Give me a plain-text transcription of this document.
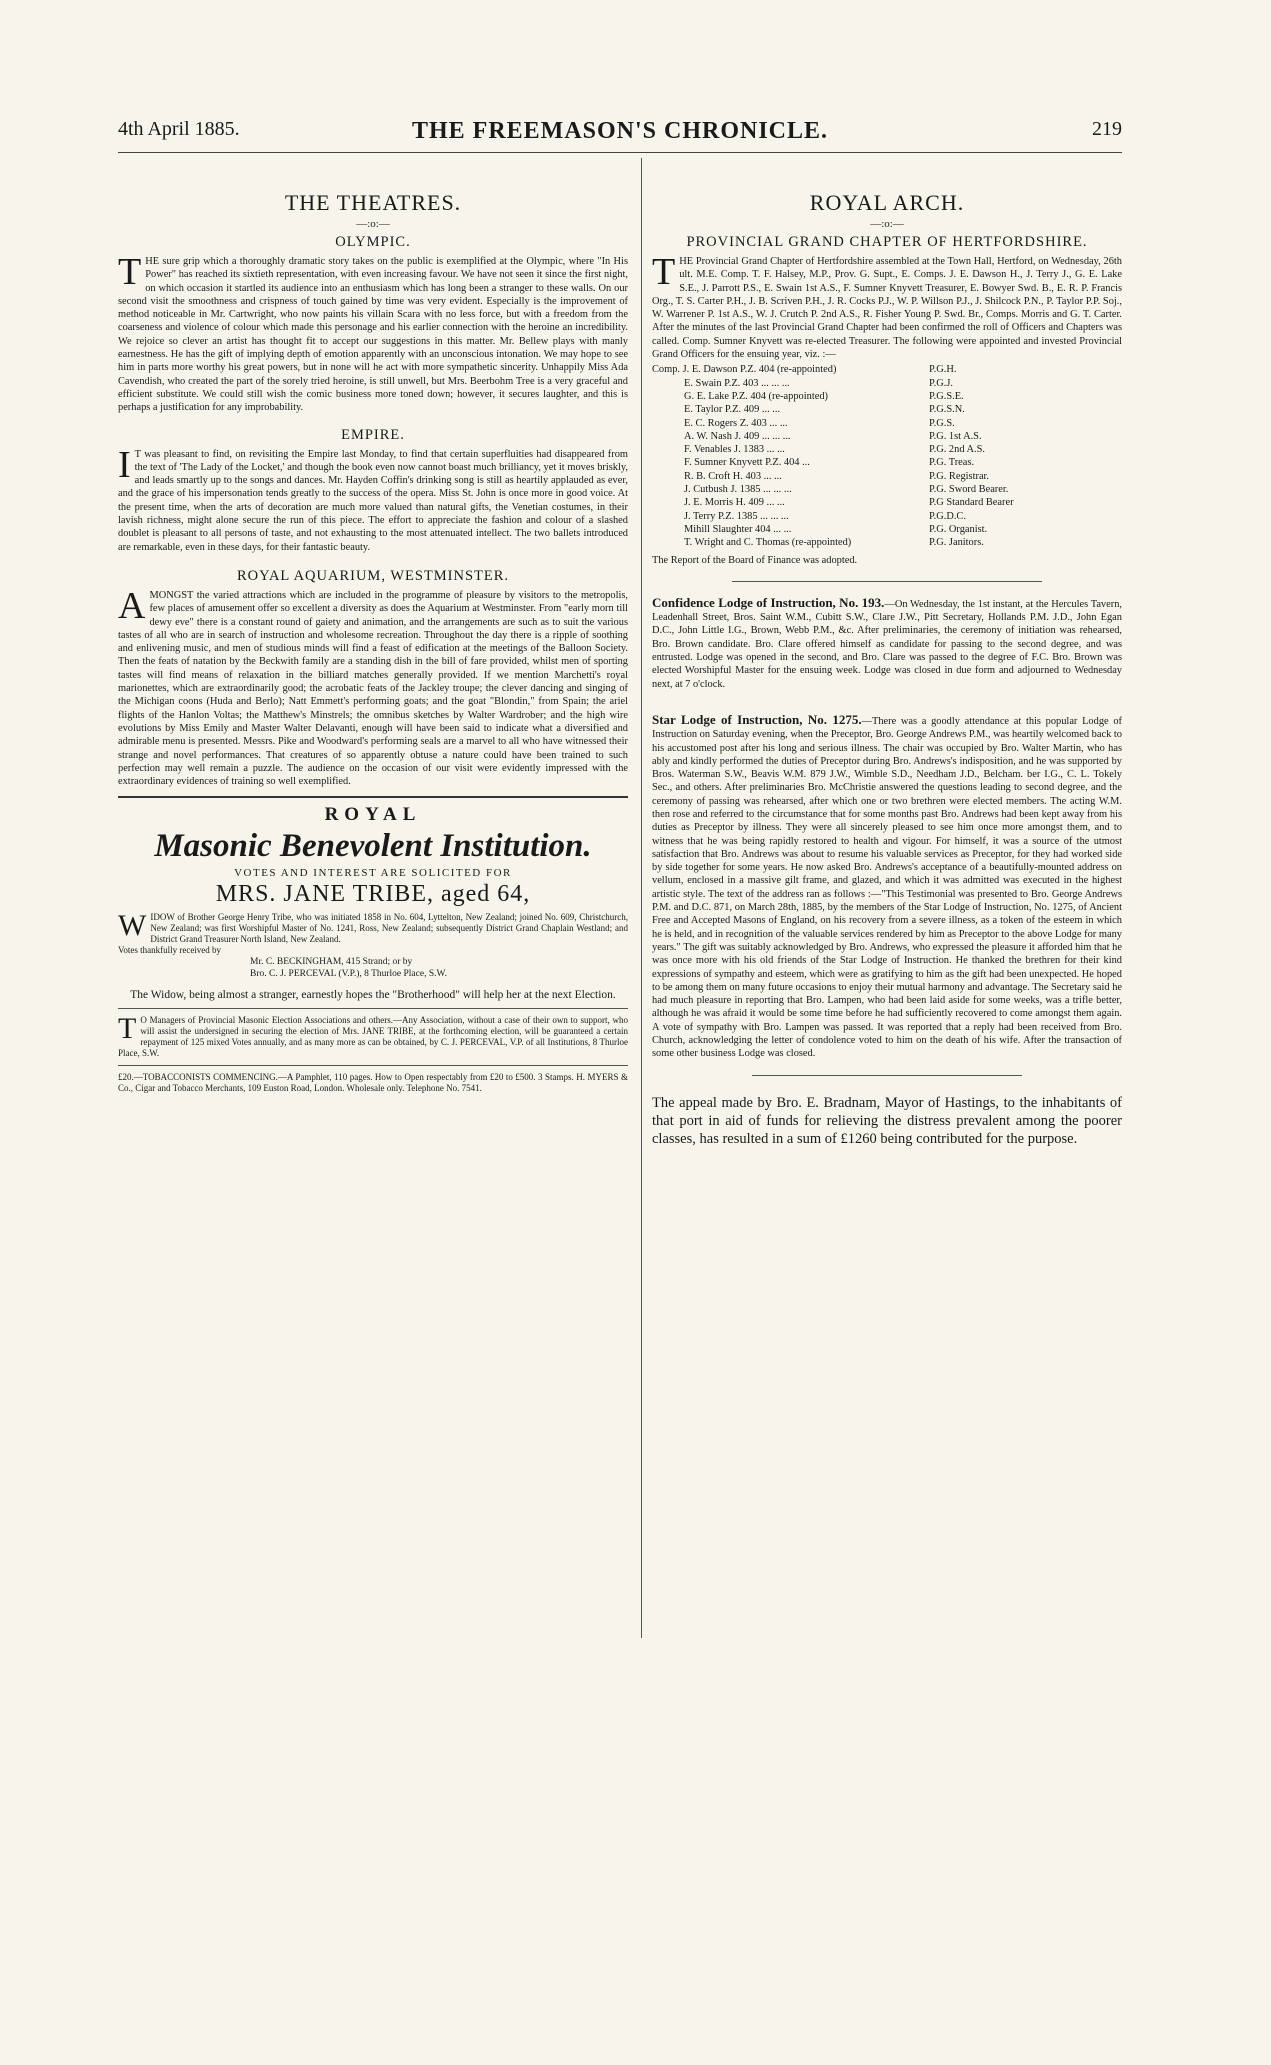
4th April 1885.	THE FREEMASON'S CHRONICLE.	219
THE THEATRES.
—:o:—
OLYMPIC.

THE sure grip which a thoroughly dramatic story takes on the public is exemplified at the Olympic, where "In His Power" has reached its sixtieth representation, with even increasing favour. We have not seen it since the first night, on which occasion it startled its audience into an enthusiasm which has long been a stranger to these walls. On our second visit the smoothness and crispness of touch gained by time was very evident. Especially is the improvement of method noticeable in Mr. Cartwright, who now paints his villain Scara with no less force, but with a freedom from the coarseness and violence of colour which made this personage and his earlier connection with the heroine an incredibility. We rejoice so clever an artist has thought fit to accept our suggestions in this matter. Mr. Bellew plays with manly earnestness. He has the gift of implying depth of emotion apparently with an unconscious intonation. We may hope to see him in parts more worthy his great powers, but in none will he act with more sympathetic sincerity. Unhappily Miss Ada Cavendish, who created the part of the sorely tried heroine, is still unwell, but Mrs. Beerbohm Tree is a very graceful and efficient substitute. We could still wish the comic business more toned down; however, it secures laughter, and this is perhaps a justification for any improbability.

EMPIRE.

I T was pleasant to find, on revisiting the Empire last Monday, to find that certain superfluities had disappeared from the text of 'The Lady of the Locket,' and though the book even now cannot boast much brilliancy, yet it moves briskly, and leads smartly up to the songs and dances. Mr. Hayden Coffin's drinking song is still as heartily applauded as ever, and the grace of his impersonation tends greatly to the success of the opera. Miss St. John is once more in good voice. At the present time, when the arts of decoration are much more valued than natural gifts, the Venetian costumes, in their lavish richness, might alone secure the run of this piece. The effort to appreciate the fashion and colour of a slashed doublet is pleasant to all persons of taste, and not exhausting to the most attenuated intellect. The two ballets introduced are remarkable, even in these days, for their fantastic beauty.

ROYAL AQUARIUM, WESTMINSTER.

AMONGST the varied attractions which are included in the programme of pleasure by visitors to the metropolis, few places of amusement offer so excellent a diversity as does the Aquarium at Westminster. From "early morn till dewy eve" there is a constant round of gaiety and animation, and the arrangements are such as to suit the various tastes of all who are in search of instruction and wholesome recreation. Throughout the day there is a ripple of soothing and enlivening music, and men of studious minds will find a feast of edification at the meetings of the Balloon Society. Then the feats of natation by the Beckwith family are a standing dish in the bill of fare provided, whilst men of sporting tastes will find means of relaxation in the billiard matches generally provided. If we mention Marchetti's royal marionettes, which are extraordinarily good; the acrobatic feats of the Jackley troupe; the clever dancing and singing of the Michigan coons (Huda and Berlo); Natt Emmett's performing goats; and the goat "Blondin," from Spain; the ariel flights of the Hanlon Voltas; the Matthew's Minstrels; the omnibus sketches by Walter Wardrober; and the high wire evolutions by Miss Emily and Master Walter Delavanti, enough will have been said to indicate what a diversified and admirable menu is presented. Messrs. Pike and Woodward's performing seals are a marvel to all who have witnessed their strange and novel performances. That creatures of so apparently obtuse a nature could have been trained to such perfection may well remain a puzzle. The audience on the occasion of our visit were evidently impressed with the extraordinary evidences of training so well exemplified.

ROYAL
Masonic Benevolent Institution.
VOTES AND INTEREST ARE SOLICITED FOR
MRS. JANE TRIBE, aged 64,

WIDOW of Brother George Henry Tribe, who was initiated 1858 in No. 604, Lyttelton, New Zealand; joined No. 609, Christchurch, New Zealand; was first Worshipful Master of No. 1241, Ross, New Zealand; subsequently District Grand Chaplain Westland; and District Grand Treasurer North Island, New Zealand.

Votes thankfully received by

Mr. C. BECKINGHAM, 415 Strand; or by
Bro. C. J. PERCEVAL (V.P.), 8 Thurloe Place, S.W.

The Widow, being almost a stranger, earnestly hopes the "Brotherhood" will help her at the next Election.

T O Managers of Provincial Masonic Election Associations and others.—Any Association, without a case of their own to support, who will assist the undersigned in securing the election of Mrs. JANE TRIBE, at the forthcoming election, will be guaranteed a certain repayment of 125 mixed Votes annually, and as many more as can be obtained, by C. J. PERCEVAL, V.P. of all Institutions, 8 Thurloe Place, S.W.

£20.—TOBACCONISTS COMMENCING.—A Pamphlet, 110 pages. How to Open respectably from £20 to £500. 3 Stamps. H. MYERS & Co., Cigar and Tobacco Merchants, 109 Euston Road, London. Wholesale only. Telephone No. 7541.

ROYAL ARCH.
—:o:—
PROVINCIAL GRAND CHAPTER OF HERTFORDSHIRE.

THE Provincial Grand Chapter of Hertfordshire assembled at the Town Hall, Hertford, on Wednesday, 26th ult. M.E. Comp. T. F. Halsey, M.P., Prov. G. Supt., E. Comps. J. E. Dawson H., J. Terry J., G. E. Lake S.E., J. Parrott P.S., E. Swain 1st A.S., F. Sumner Knyvett Treasurer, E. Bowyer Swd. B., E. R. P. Francis Org., T. S. Carter P.H., J. B. Scriven P.H., J. R. Cocks P.J., W. P. Willson P.J., J. Shilcock P.N., P. Taylor P.P. Soj., W. Warrener P. 1st A.S., W. J. Crutch P. 2nd A.S., R. Fisher Young P. Swd. Br., Comps. Morris and G. T. Carter. After the minutes of the last Provincial Grand Chapter had been confirmed the roll of Officers and Chapters was called. Comp. Sumner Knyvett was re-elected Treasurer. The following were appointed and invested Provincial Grand Officers for the ensuing year, viz. :—

Comp. J. E. Dawson P.Z. 404 (re-appointed)	P.G.H.
E. Swain P.Z. 403 ... ... ...	P.G.J.
G. E. Lake P.Z. 404 (re-appointed)	P.G.S.E.
E. Taylor P.Z. 409 ... ...	P.G.S.N.
E. C. Rogers Z. 403 ... ...	P.G.S.
A. W. Nash J. 409 ... ... ...	P.G. 1st A.S.
F. Venables J. 1383 ... ...	P.G. 2nd A.S.
F. Sumner Knyvett P.Z. 404 ...	P.G. Treas.
R. B. Croft H. 403 ... ...	P.G. Registrar.
J. Cutbush J. 1385 ... ... ...	P.G. Sword Bearer.
J. E. Morris H. 409 ... ...	P.G Standard Bearer
J. Terry P.Z. 1385 ... ... ...	P.G.D.C.
Mihill Slaughter 404 ... ...	P.G. Organist.
T. Wright and C. Thomas (re-appointed)	P.G. Janitors.

The Report of the Board of Finance was adopted.

Confidence Lodge of Instruction, No. 193.—On Wednesday, the 1st instant, at the Hercules Tavern, Leadenhall Street, Bros. Saint W.M., Cubitt S.W., Clare J.W., Pitt Secretary, Hollands P.M. J.D., John Egan D.C., John Little I.G., Brown, Webb P.M., &c. After preliminaries, the ceremony of initiation was rehearsed, Bro. Brown candidate. Bro. Clare offered himself as candidate for passing to the second degree, and was entrusted. Lodge was opened in the second, and Bro. Clare was passed to the degree of F.C. Bro. Brown was elected Worshipful Master for the ensuing week. Lodge was closed in due form and adjourned to Wednesday next, at 7 o'clock.

Star Lodge of Instruction, No. 1275.—There was a goodly attendance at this popular Lodge of Instruction on Saturday evening, when the Preceptor, Bro. George Andrews P.M., was heartily welcomed back to his accustomed post after his long and serious illness. The chair was occupied by Bro. Walter Martin, who has ably and kindly performed the duties of Preceptor during Bro. Andrews's indisposition, and he was supported by Bros. Waterman S.W., Beavis W.M. 879 J.W., Wimble S.D., Needham J.D., Belcham. ber I.G., C. L. Tokely Sec., and others. After preliminaries Bro. McChristie answered the questions leading to second degree, and the ceremony of passing was rehearsed, after which one or two brethren were elected members. The acting W.M. then rose and referred to the circumstance that for some months past Bro. Andrews had been kept away from his duties as Preceptor by illness. They were all sincerely pleased to see him once more amongst them, and to witness that he was being rapidly restored to health and vigour. For himself, it was a source of the utmost satisfaction that Bro. Andrews was about to resume his valuable services as Preceptor, for they had worked side by side together for some years. He now asked Bro. Andrews's acceptance of a beautifully-mounted address on vellum, enclosed in a massive gilt frame, and glazed, and which it was admitted was executed in the highest artistic style. The text of the address ran as follows :—"This Testimonial was presented to Bro. George Andrews P.M. and D.C. 871, on March 28th, 1885, by the members of the Star Lodge of Instruction, No. 1275, of Ancient Free and Accepted Masons of England, on his recovery from a severe illness, as a token of the esteem in which he is held, and in recognition of the valuable services rendered by him as Preceptor to the above Lodge for many years." The gift was suitably acknowledged by Bro. Andrews, who expressed the pleasure it afforded him that he was once more with his old friends of the Star Lodge of Instruction. He thanked the brethren for their kind expressions of sympathy and esteem, which were as gratifying to him as the gift had been unexpected. He hoped to be among them on many future occasions to enjoy their mutual harmony and advantage. The Secretary said he had much pleasure in reporting that Bro. Lampen, who had been laid aside for some weeks, was a trifle better, although he was afraid it would be some time before he had sufficiently recovered to come amongst them again. A vote of sympathy with Bro. Lampen was passed. It was reported that a reply had been received from Bro. Church, acknowledging the letter of condolence voted to him on the death of his wife. After the transaction of some other business Lodge was closed.

The appeal made by Bro. E. Bradnam, Mayor of Hastings, to the inhabitants of that port in aid of funds for relieving the distress prevalent among the poorer classes, has resulted in a sum of £1260 being contributed for the purpose.
